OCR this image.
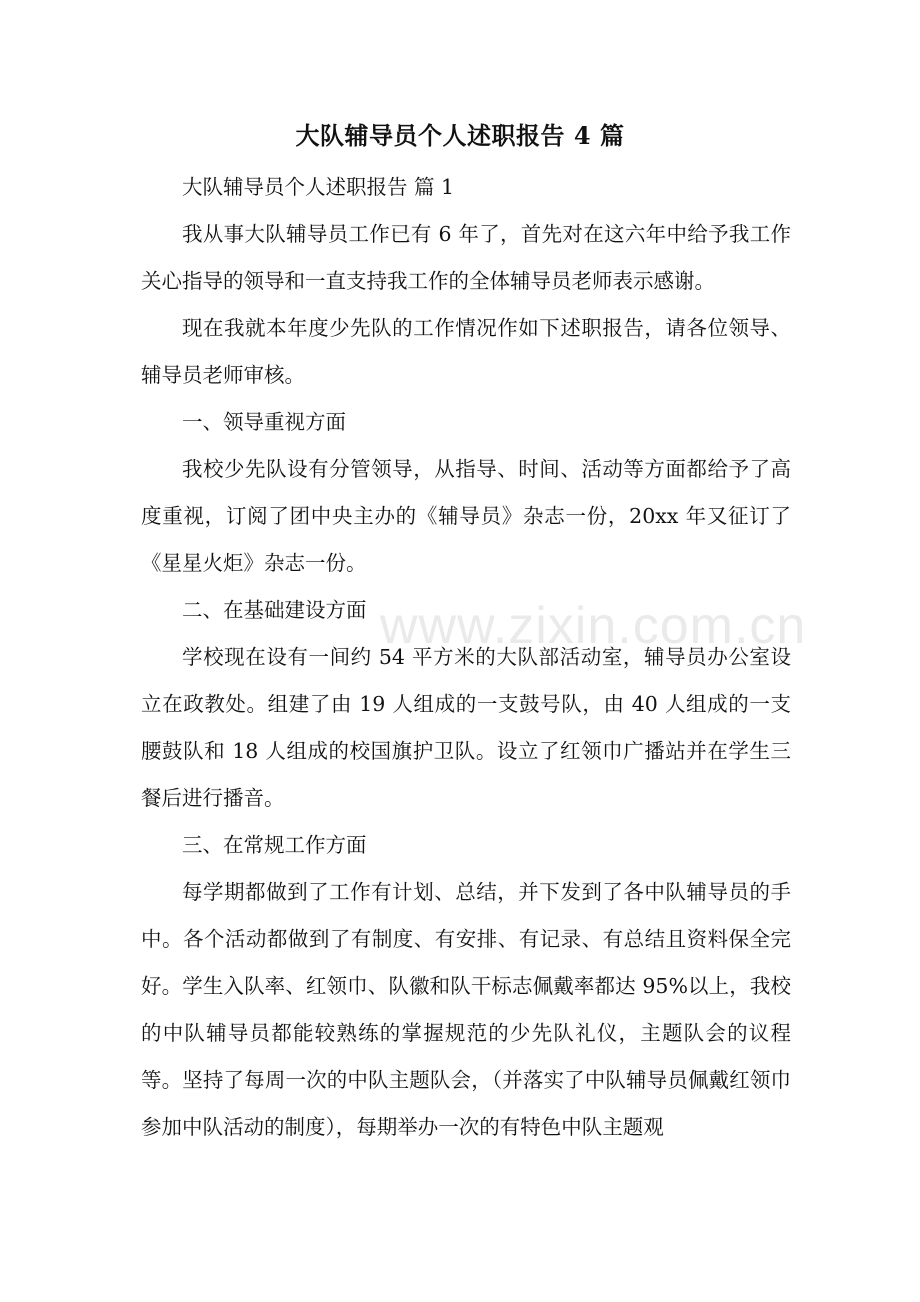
大队辅导员个人述职报告 4 篇

大队辅导员个人述职报告 篇 1

我从事大队辅导员工作已有 6 年了，首先对在这六年中给予我工作关心指导的领导和一直支持我工作的全体辅导员老师表示感谢。

现在我就本年度少先队的工作情况作如下述职报告，请各位领导、辅导员老师审核。

一、领导重视方面

我校少先队设有分管领导，从指导、时间、活动等方面都给予了高度重视，订阅了团中央主办的《辅导员》杂志一份，20xx 年又征订了《星星火炬》杂志一份。

二、在基础建设方面

学校现在设有一间约 54 平方米的大队部活动室，辅导员办公室设立在政教处。组建了由 19 人组成的一支鼓号队，由 40 人组成的一支腰鼓队和 18 人组成的校国旗护卫队。设立了红领巾广播站并在学生三餐后进行播音。

三、在常规工作方面

每学期都做到了工作有计划、总结，并下发到了各中队辅导员的手中。各个活动都做到了有制度、有安排、有记录、有总结且资料保全完好。学生入队率、红领巾、队徽和队干标志佩戴率都达 95%以上，我校的中队辅导员都能较熟练的掌握规范的少先队礼仪，主题队会的议程等。坚持了每周一次的中队主题队会，（并落实了中队辅导员佩戴红领巾参加中队活动的制度），每期举办一次的有特色中队主题观

www.zixin.com.cn
